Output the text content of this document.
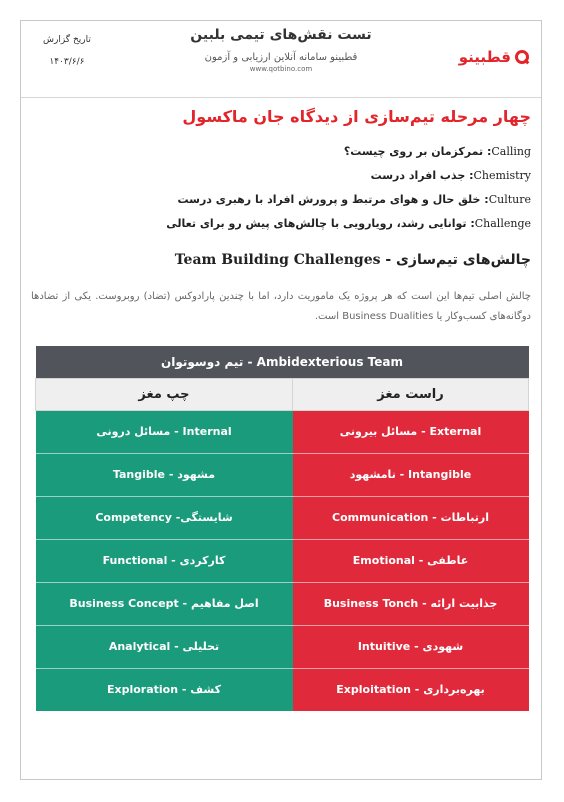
قطبینو
تست نقش‌های تیمی بلبین
قطبینو سامانه آنلاین ارزیابی و آزمون
www.qotbino.com
تاریخ گزارش
۱۴۰۳/۶/۶
چهار مرحله تیم‌سازی از دیدگاه جان ماکسول
Calling: تمرکزمان بر روی چیست؟
Chemistry: جذب افراد درست
Culture: خلق حال و هوای مرتبط و پرورش افراد با رهبری درست
Challenge: توانایی رشد، رویارویی با چالش‌های پیش رو برای تعالی
چالش‌های تیم‌سازی - Team Building Challenges
چالش اصلی تیم‌ها این است که هر پروژه یک ماموریت دارد، اما با چندین پارادوکس (تضاد) روبروست. یکی از تضادها دوگانه‌های کسب‌وکار یا Business Dualities است.
تیم دوسوتوان - Ambidexterious Team	
چپ مغز	راست مغز
مسائل درونی - Internal	مسائل بیرونی - External
Tangible - مشهود	نامشهود - Intangible
Competency -شایستگی	Communication - ارتباطات
Functional - کارکردی	Emotional - عاطفی
Business Concept - اصل مفاهیم	Business Tonch - جذابیت ارائه
Analytical - تحلیلی	Intuitive - شهودی
Exploration - کشف	Exploitation - بهره‌برداری
